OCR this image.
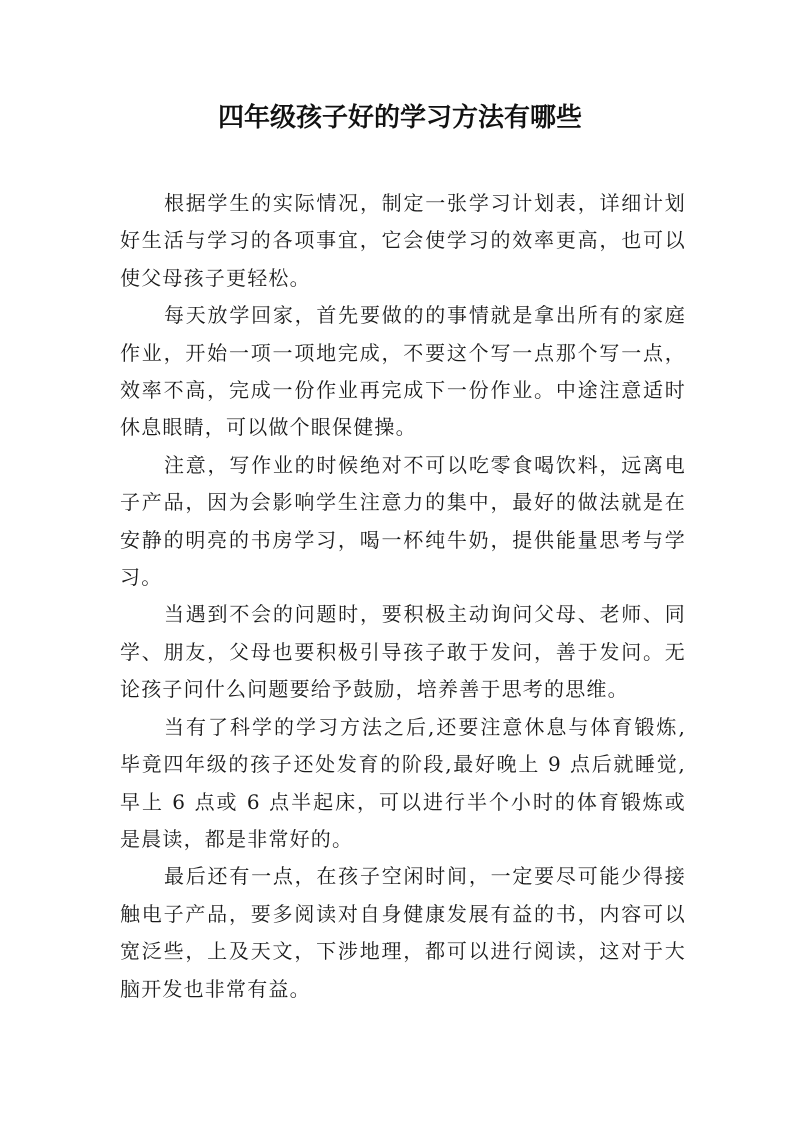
四年级孩子好的学习方法有哪些

根据学生的实际情况，制定一张学习计划表，详细计划好生活与学习的各项事宜，它会使学习的效率更高，也可以使父母孩子更轻松。

每天放学回家，首先要做的的事情就是拿出所有的家庭作业，开始一项一项地完成，不要这个写一点那个写一点，效率不高，完成一份作业再完成下一份作业。中途注意适时休息眼睛，可以做个眼保健操。

注意，写作业的时候绝对不可以吃零食喝饮料，远离电子产品，因为会影响学生注意力的集中，最好的做法就是在安静的明亮的书房学习，喝一杯纯牛奶，提供能量思考与学习。

当遇到不会的问题时，要积极主动询问父母、老师、同学、朋友，父母也要积极引导孩子敢于发问，善于发问。无论孩子问什么问题要给予鼓励，培养善于思考的思维。

当有了科学的学习方法之后,还要注意休息与体育锻炼,毕竟四年级的孩子还处发育的阶段,最好晚上 9 点后就睡觉,早上 6 点或 6 点半起床，可以进行半个小时的体育锻炼或是晨读，都是非常好的。

最后还有一点，在孩子空闲时间，一定要尽可能少得接触电子产品，要多阅读对自身健康发展有益的书，内容可以宽泛些，上及天文，下涉地理，都可以进行阅读，这对于大脑开发也非常有益。
